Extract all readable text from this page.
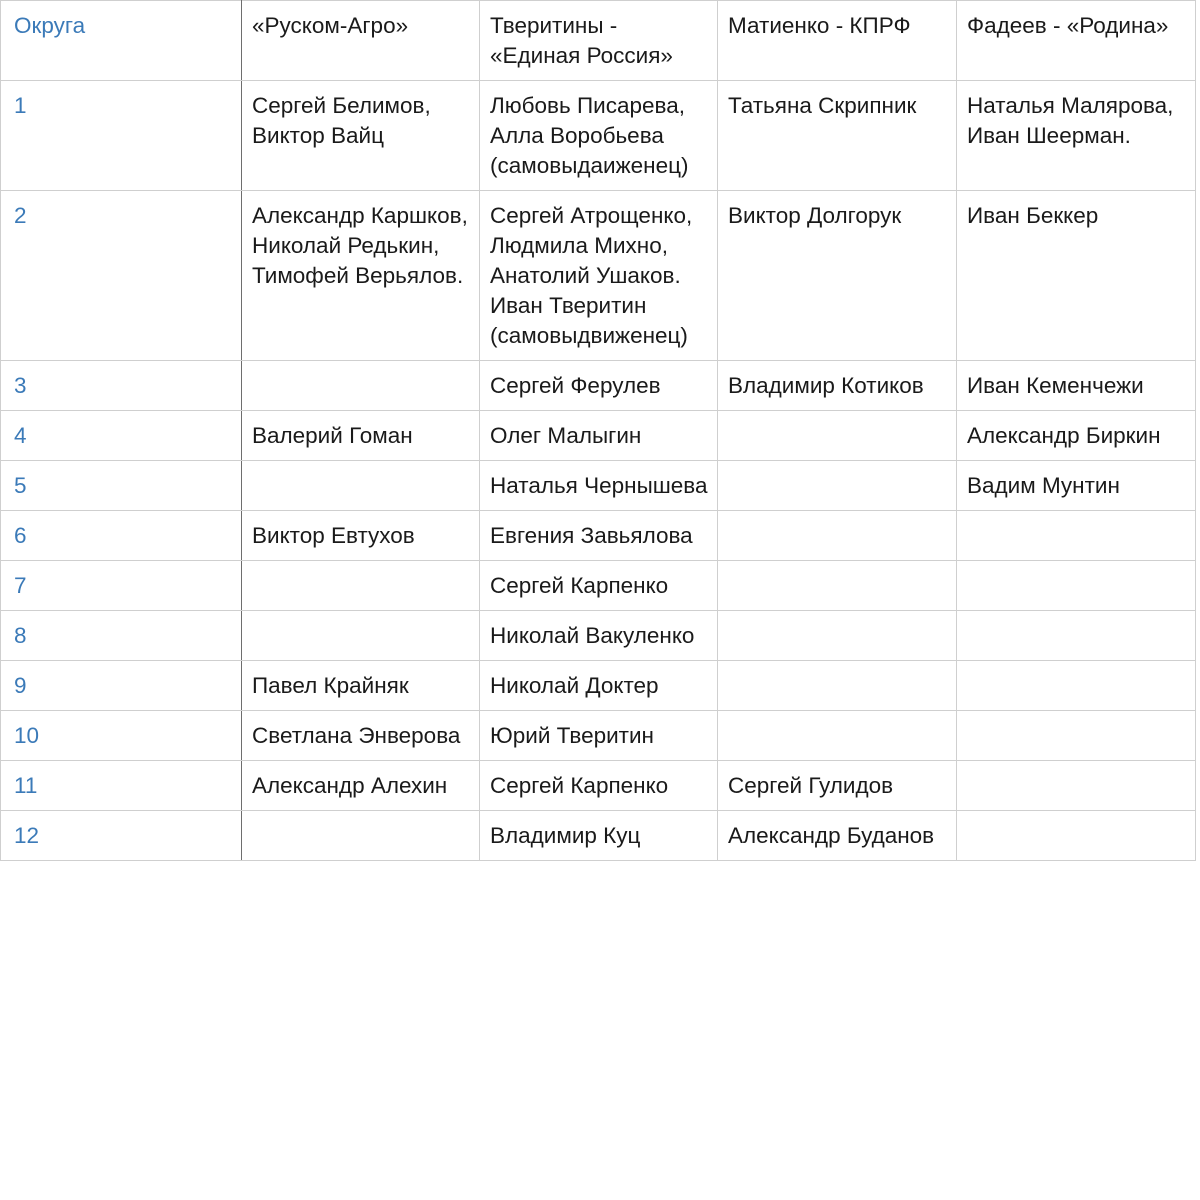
Округа	«Руском-Агро»	Тверитины - «Единая Россия»	Матиенко - КПРФ	Фадеев - «Родина»
1	Сергей Белимов, Виктор Вайц	Любовь Писарева, Алла Воробьева (самовыдаиженец)	Татьяна Скрипник	Наталья Малярова, Иван Шеерман.
2	Александр Каршков, Николай Редькин, Тимофей Верьялов.	Сергей Атрощенко, Людмила Михно, Анатолий Ушаков. Иван Тверитин (самовыдвиженец)	Виктор Долгорук	Иван Беккер
3		Сергей Ферулев	Владимир Котиков	Иван Кеменчежи
4	Валерий Гоман	Олег Малыгин		Александр Биркин
5		Наталья Чернышева		Вадим Мунтин
6	Виктор Евтухов	Евгения Завьялова		
7		Сергей Карпенко		
8		Николай Вакуленко		
9	Павел Крайняк	Николай Доктер		
10	Светлана Энверова	Юрий Тверитин		
11	Александр Алехин	Сергей Карпенко	Сергей Гулидов	
12		Владимир Куц	Александр Буданов	
